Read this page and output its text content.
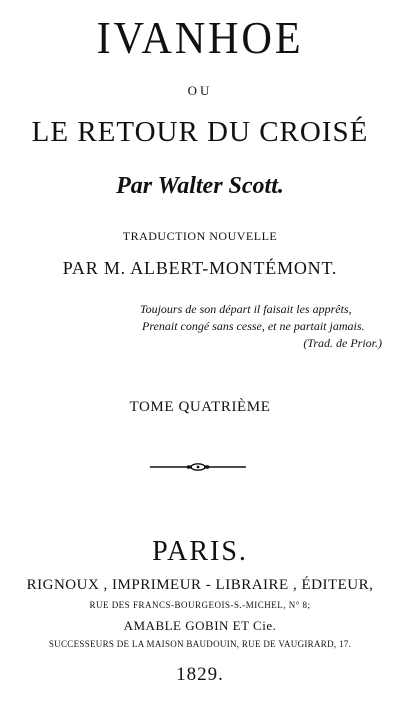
IVANHOE
OU
LE RETOUR DU CROISÉ
Par Walter Scott.
TRADUCTION NOUVELLE
PAR M. ALBERT-MONTÉMONT.
Toujours de son départ il faisait les apprêts,
Prenait congé sans cesse, et ne partait jamais.
(Trad. de Prior.)
TOME QUATRIÈME
PARIS.
RIGNOUX , IMPRIMEUR - LIBRAIRE , ÉDITEUR,
RUE DES FRANCS-BOURGEOIS-S.-MICHEL, N° 8;
AMABLE GOBIN ET Cie.
SUCCESSEURS DE LA MAISON BAUDOUIN, RUE DE VAUGIRARD, 17.
1829.
